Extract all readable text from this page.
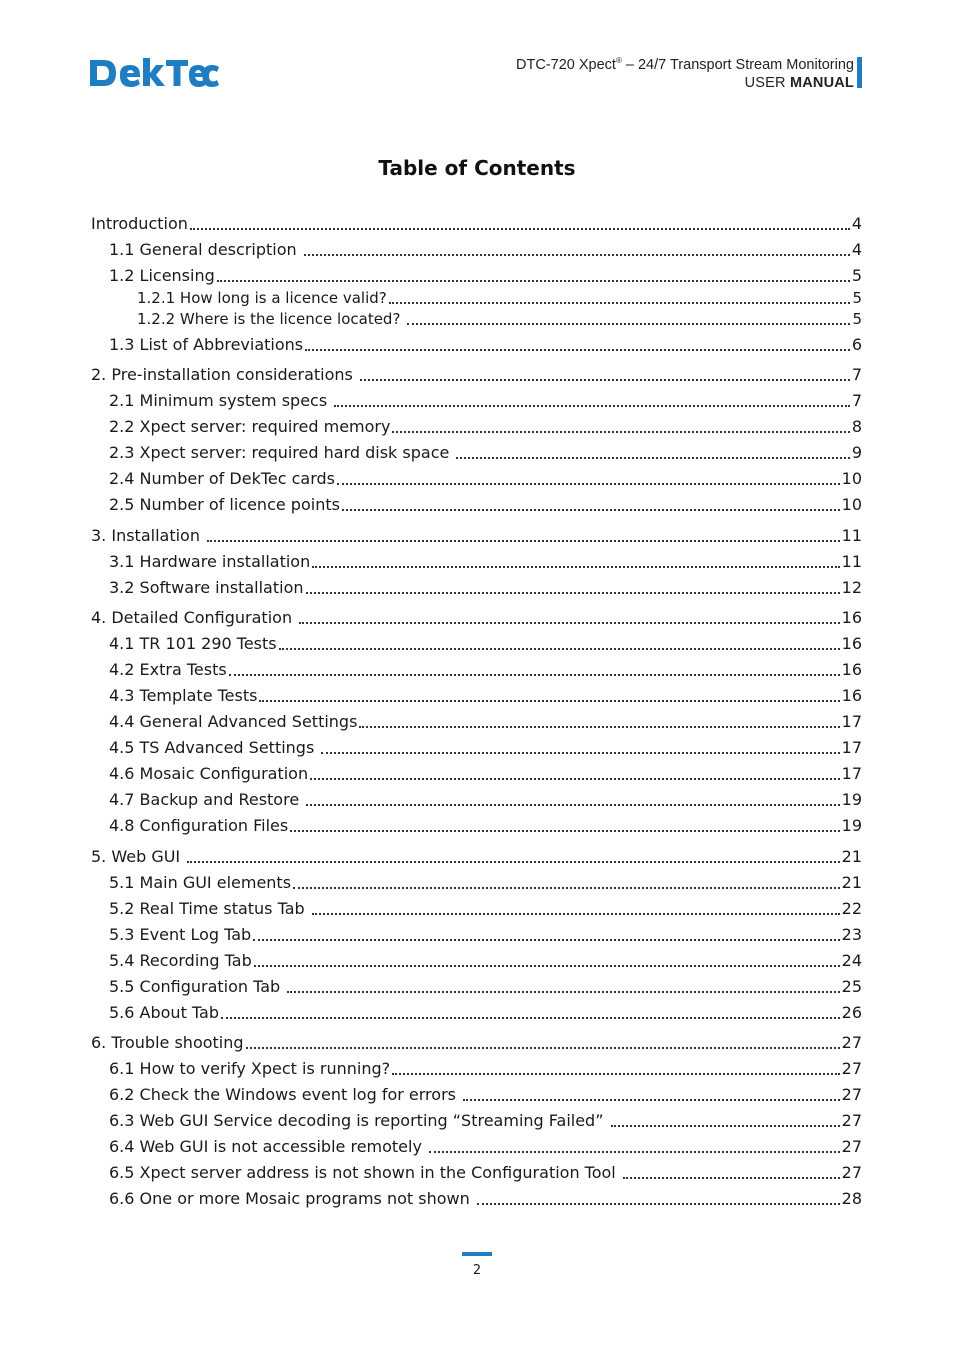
DTC-720 Xpect® – 24/7 Transport Stream Monitoring
USER MANUAL
Table of Contents
Introduction	4
1.1 General description	4
1.2 Licensing	5
1.2.1 How long is a licence valid?	5
1.2.2 Where is the licence located?	5
1.3 List of Abbreviations	6
2. Pre-installation considerations	7
2.1 Minimum system specs	7
2.2 Xpect server: required memory	8
2.3 Xpect server: required hard disk space	9
2.4 Number of DekTec cards	10
2.5 Number of licence points	10
3. Installation	11
3.1 Hardware installation	11
3.2 Software installation	12
4. Detailed Configuration	16
4.1 TR 101 290 Tests	16
4.2 Extra Tests	16
4.3 Template Tests	16
4.4 General Advanced Settings	17
4.5 TS Advanced Settings	17
4.6 Mosaic Configuration	17
4.7 Backup and Restore	19
4.8 Configuration Files	19
5. Web GUI	21
5.1 Main GUI elements	21
5.2 Real Time status Tab	22
5.3 Event Log Tab	23
5.4 Recording Tab	24
5.5 Configuration Tab	25
5.6 About Tab	26
6. Trouble shooting	27
6.1 How to verify Xpect is running?	27
6.2 Check the Windows event log for errors	27
6.3 Web GUI Service decoding is reporting “Streaming Failed”	27
6.4 Web GUI is not accessible remotely	27
6.5 Xpect server address is not shown in the Configuration Tool	27
6.6 One or more Mosaic programs not shown	28
2
